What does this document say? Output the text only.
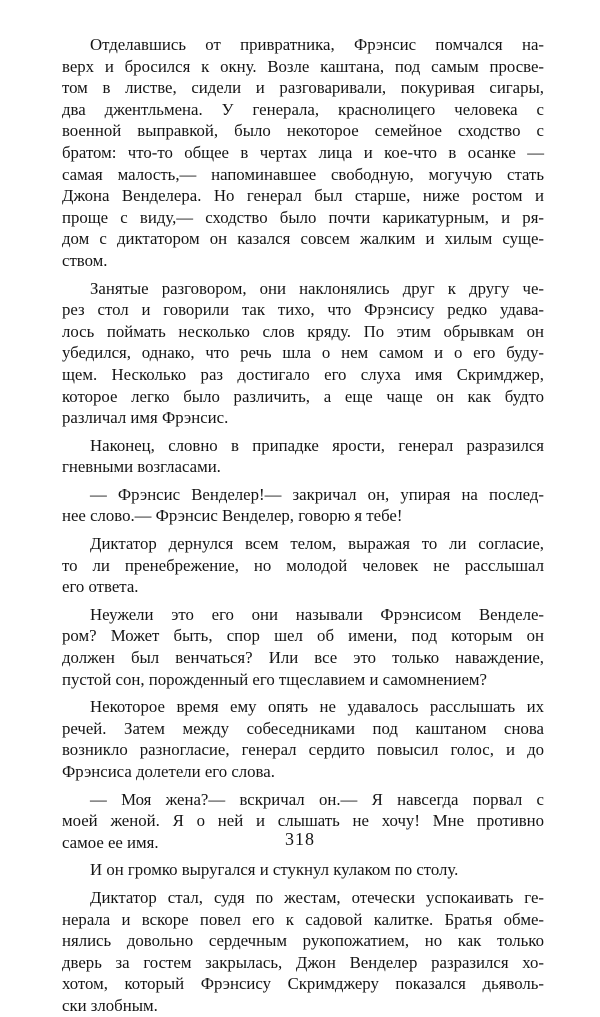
Отделавшись от привратника, Фрэнсис помчался на-
верх и бросился к окну. Возле каштана, под самым просве-
том в листве, сидели и разговаривали, покуривая сигары,
два джентльмена. У генерала, краснолицего человека с
военной выправкой, было некоторое семейное сходство с
братом: что-то общее в чертах лица и кое-что в осанке —
самая малость,— напоминавшее свободную, могучую стать
Джона Венделера. Но генерал был старше, ниже ростом и
проще с виду,— сходство было почти карикатурным, и ря-
дом с диктатором он казался совсем жалким и хилым суще-
ством.

Занятые разговором, они наклонялись друг к другу че-
рез стол и говорили так тихо, что Фрэнсису редко удава-
лось поймать несколько слов кряду. По этим обрывкам он
убедился, однако, что речь шла о нем самом и о его буду-
щем. Несколько раз достигало его слуха имя Скримджер,
которое легко было различить, а еще чаще он как будто
различал имя Фрэнсис.

Наконец, словно в припадке ярости, генерал разразился
гневными возгласами.

— Фрэнсис Венделер!— закричал он, упирая на послед-
нее слово.— Фрэнсис Венделер, говорю я тебе!

Диктатор дернулся всем телом, выражая то ли согласие,
то ли пренебрежение, но молодой человек не расслышал
его ответа.

Неужели это его они называли Фрэнсисом Венделе-
ром? Может быть, спор шел об имени, под которым он
должен был венчаться? Или все это только наваждение,
пустой сон, порожденный его тщеславием и самомнением?

Некоторое время ему опять не удавалось расслышать их
речей. Затем между собеседниками под каштаном снова
возникло разногласие, генерал сердито повысил голос, и до
Фрэнсиса долетели его слова.

— Моя жена?— вскричал он.— Я навсегда порвал с
моей женой. Я о ней и слышать не хочу! Мне противно
самое ее имя.

И он громко выругался и стукнул кулаком по столу.

Диктатор стал, судя по жестам, отечески успокаивать ге-
нерала и вскоре повел его к садовой калитке. Братья обме-
нялись довольно сердечным рукопожатием, но как только
дверь за гостем закрылась, Джон Венделер разразился хо-
хотом, который Фрэнсису Скримджеру показался дьяволь-
ски злобным.

318
